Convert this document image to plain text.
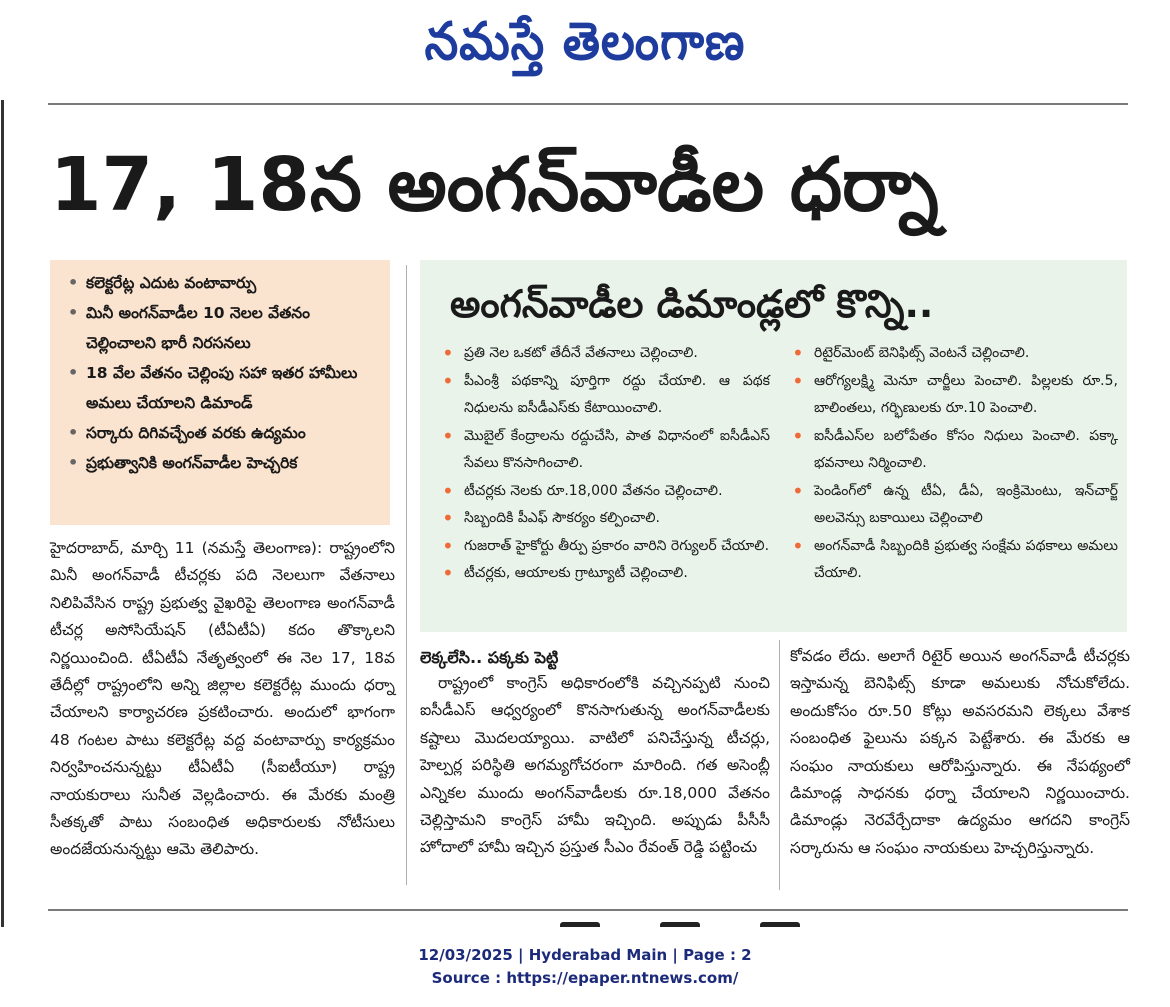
నమస్తే తెలంగాణ
17, 18న అంగన్‌వాడీల ధర్నా
• కలెక్టరేట్ల ఎదుట వంటావార్పు
• మినీ అంగన్‌వాడీల 10 నెలల వేతనం చెల్లించాలని భారీ నిరసనలు
• 18 వేల వేతనం చెల్లింపు సహా ఇతర హామీలు అమలు చేయాలని డిమాండ్
• సర్కారు దిగివచ్చేంత వరకు ఉద్యమం
• ప్రభుత్వానికి అంగన్‌వాడీల హెచ్చరిక
అంగన్‌వాడీల డిమాండ్లలో కొన్ని..
• ప్రతి నెల ఒకటో తేదీనే వేతనాలు చెల్లించాలి.
• పీఎంశ్రీ పథకాన్ని పూర్తిగా రద్దు చేయాలి. ఆ పథక నిధులను ఐసీడీఎస్‌కు కేటాయించాలి.
• మొబైల్ కేంద్రాలను రద్దుచేసి, పాత విధానంలో ఐసీడీఎస్ సేవలు కొనసాగించాలి.
• టీచర్లకు నెలకు రూ.18,000 వేతనం చెల్లించాలి.
• సిబ్బందికి పీఎఫ్ సౌకర్యం కల్పించాలి.
• గుజరాత్ హైకోర్టు తీర్పు ప్రకారం వారిని రెగ్యులర్ చేయాలి.
• టీచర్లకు, ఆయాలకు గ్రాట్యూటీ చెల్లించాలి.
• రిటైర్‌మెంట్ బెనిఫిట్స్ వెంటనే చెల్లించాలి.
• ఆరోగ్యలక్ష్మి మెనూ చార్జీలు పెంచాలి. పిల్లలకు రూ.5, బాలింతలు, గర్భిణులకు రూ.10 పెంచాలి.
• ఐసీడీఎస్‌ల బలోపేతం కోసం నిధులు పెంచాలి. పక్కా భవనాలు నిర్మించాలి.
• పెండింగ్‌లో ఉన్న టీఏ, డీఏ, ఇంక్రిమెంటు, ఇన్‌చార్జ్ అలవెన్సు బకాయిలు చెల్లించాలి
• అంగన్‌వాడీ సిబ్బందికి ప్రభుత్వ సంక్షేమ పథకాలు అమలు చేయాలి.
హైదరాబాద్, మార్చి 11 (నమస్తే తెలంగాణ): రాష్ట్రంలోని మినీ అంగన్‌వాడీ టీచర్లకు పది నెలలుగా వేతనాలు నిలిపివేసిన రాష్ట్ర ప్రభుత్వ వైఖరిపై తెలంగాణ అంగన్‌వాడీ టీచర్ల అసోసియేషన్ (టీఏటీఏ) కదం తొక్కాలని నిర్ణయించింది. టీఏటీఏ నేతృత్వంలో ఈ నెల 17, 18వ తేదీల్లో రాష్ట్రంలోని అన్ని జిల్లాల కలెక్టరేట్ల ముందు ధర్నా చేయాలని కార్యాచరణ ప్రకటించారు. అందులో భాగంగా 48 గంటల పాటు కలెక్టరేట్ల వద్ద వంటావార్పు కార్యక్రమం నిర్వహించనున్నట్టు టీఏటీఏ (సీఐటీయూ) రాష్ట్ర నాయకురాలు సునీత వెల్లడించారు. ఈ మేరకు మంత్రి సీతక్కతో పాటు సంబంధిత అధికారులకు నోటీసులు అందజేయనున్నట్టు ఆమె తెలిపారు.
లెక్కలేసి.. పక్కకు పెట్టి
రాష్ట్రంలో కాంగ్రెస్ అధికారంలోకి వచ్చినప్పటి నుంచి ఐసీడీఎస్ ఆధ్వర్యంలో కొనసాగుతున్న అంగన్‌వాడీలకు కష్టాలు మొదలయ్యాయి. వాటిలో పనిచేస్తున్న టీచర్లు, హెల్పర్ల పరిస్థితి అగమ్యగోచరంగా మారింది. గత అసెంబ్లీ ఎన్నికల ముందు అంగన్‌వాడీలకు రూ.18,000 వేతనం చెల్లిస్తామని కాంగ్రెస్ హామీ ఇచ్చింది. అప్పుడు పీసీసీ హోదాలో హామీ ఇచ్చిన ప్రస్తుత సీఎం రేవంత్ రెడ్డి పట్టించు
కోవడం లేదు. అలాగే రిటైర్ అయిన అంగన్‌వాడీ టీచర్లకు ఇస్తామన్న బెనిఫిట్స్ కూడా అమలుకు నోచుకోలేదు. అందుకోసం రూ.50 కోట్లు అవసరమని లెక్కలు వేశాక సంబంధిత ఫైలును పక్కన పెట్టేశారు. ఈ మేరకు ఆ సంఘం నాయకులు ఆరోపిస్తున్నారు. ఈ నేపథ్యంలో డిమాండ్ల సాధనకు ధర్నా చేయాలని నిర్ణయించారు. డిమాండ్లు నెరవేర్చేదాకా ఉద్యమం ఆగదని కాంగ్రెస్ సర్కారును ఆ సంఘం నాయకులు హెచ్చరిస్తున్నారు.
12/03/2025 | Hyderabad Main | Page : 2
Source : https://epaper.ntnews.com/
